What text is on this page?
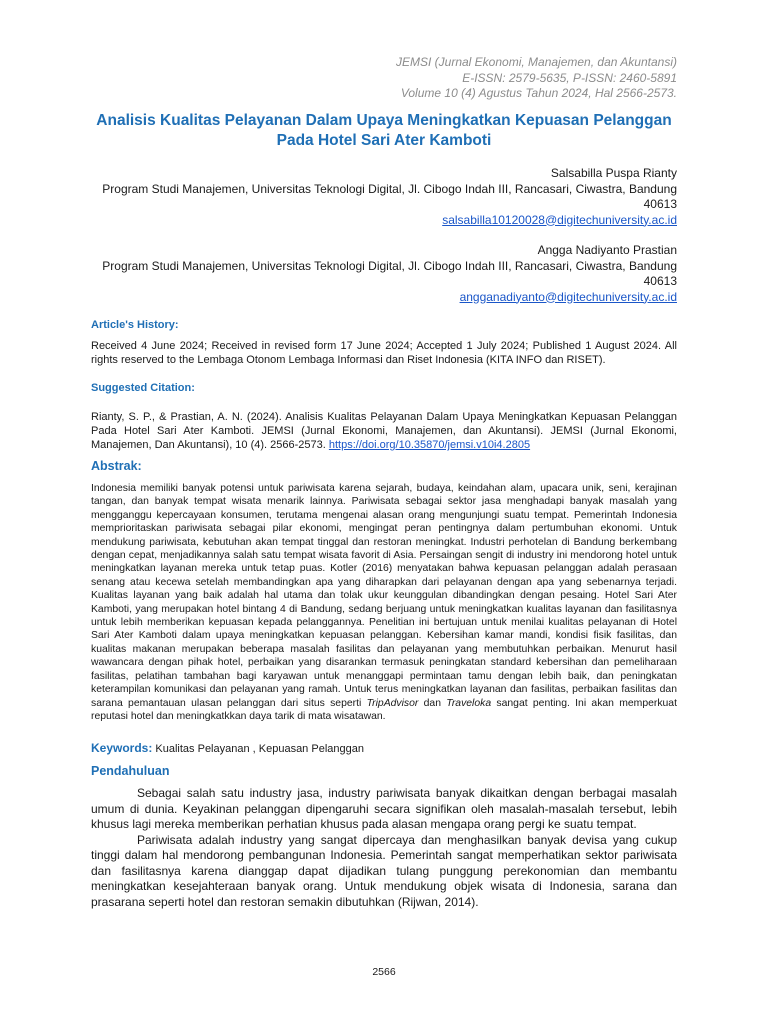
JEMSI (Jurnal Ekonomi, Manajemen, dan Akuntansi)
E-ISSN: 2579-5635, P-ISSN: 2460-5891
Volume 10 (4) Agustus Tahun 2024, Hal 2566-2573.
Analisis Kualitas Pelayanan Dalam Upaya Meningkatkan Kepuasan Pelanggan Pada Hotel Sari Ater Kamboti
Salsabilla Puspa Rianty
Program Studi Manajemen, Universitas Teknologi Digital, Jl. Cibogo Indah III, Rancasari, Ciwastra, Bandung 40613
salsabilla10120028@digitechuniversity.ac.id
Angga Nadiyanto Prastian
Program Studi Manajemen, Universitas Teknologi Digital, Jl. Cibogo Indah III, Rancasari, Ciwastra, Bandung 40613
angganadiyanto@digitechuniversity.ac.id
Article's History:
Received 4 June 2024; Received in revised form 17 June 2024; Accepted 1 July 2024; Published 1 August 2024. All rights reserved to the Lembaga Otonom Lembaga Informasi dan Riset Indonesia (KITA INFO dan RISET).
Suggested Citation:
Rianty, S. P., & Prastian, A. N. (2024). Analisis Kualitas Pelayanan Dalam Upaya Meningkatkan Kepuasan Pelanggan Pada Hotel Sari Ater Kamboti. JEMSI (Jurnal Ekonomi, Manajemen, dan Akuntansi). JEMSI (Jurnal Ekonomi, Manajemen, Dan Akuntansi), 10 (4). 2566-2573. https://doi.org/10.35870/jemsi.v10i4.2805
Abstrak:
Indonesia memiliki banyak potensi untuk pariwisata karena sejarah, budaya, keindahan alam, upacara unik, seni, kerajinan tangan, dan banyak tempat wisata menarik lainnya. Pariwisata sebagai sektor jasa menghadapi banyak masalah yang mengganggu kepercayaan konsumen, terutama mengenai alasan orang mengunjungi suatu tempat. Pemerintah Indonesia memprioritaskan pariwisata sebagai pilar ekonomi, mengingat peran pentingnya dalam pertumbuhan ekonomi. Untuk mendukung pariwisata, kebutuhan akan tempat tinggal dan restoran meningkat. Industri perhotelan di Bandung berkembang dengan cepat, menjadikannya salah satu tempat wisata favorit di Asia. Persaingan sengit di industry ini mendorong hotel untuk meningkatkan layanan mereka untuk tetap puas. Kotler (2016) menyatakan bahwa kepuasan pelanggan adalah perasaan senang atau kecewa setelah membandingkan apa yang diharapkan dari pelayanan dengan apa yang sebenarnya terjadi. Kualitas layanan yang baik adalah hal utama dan tolak ukur keunggulan dibandingkan dengan pesaing. Hotel Sari Ater Kamboti, yang merupakan hotel bintang 4 di Bandung, sedang berjuang untuk meningkatkan kualitas layanan dan fasilitasnya untuk lebih memberikan kepuasan kepada pelanggannya. Penelitian ini bertujuan untuk menilai kualitas pelayanan di Hotel Sari Ater Kamboti dalam upaya meningkatkan kepuasan pelanggan. Kebersihan kamar mandi, kondisi fisik fasilitas, dan kualitas makanan merupakan beberapa masalah fasilitas dan pelayanan yang membutuhkan perbaikan. Menurut hasil wawancara dengan pihak hotel, perbaikan yang disarankan termasuk peningkatan standard kebersihan dan pemeliharaan fasilitas, pelatihan tambahan bagi karyawan untuk menanggapi permintaan tamu dengan lebih baik, dan peningkatan keterampilan komunikasi dan pelayanan yang ramah. Untuk terus meningkatkan layanan dan fasilitas, perbaikan fasilitas dan sarana pemantauan ulasan pelanggan dari situs seperti TripAdvisor dan Traveloka sangat penting. Ini akan memperkuat reputasi hotel dan meningkatkkan daya tarik di mata wisatawan.
Keywords: Kualitas Pelayanan , Kepuasan Pelanggan
Pendahuluan

Sebagai salah satu industry jasa, industry pariwisata banyak dikaitkan dengan berbagai masalah umum di dunia. Keyakinan pelanggan dipengaruhi secara signifikan oleh masalah-masalah tersebut, lebih khusus lagi mereka memberikan perhatian khusus pada alasan mengapa orang pergi ke suatu tempat.

Pariwisata adalah industry yang sangat dipercaya dan menghasilkan banyak devisa yang cukup tinggi dalam hal mendorong pembangunan Indonesia. Pemerintah sangat memperhatikan sektor pariwisata dan fasilitasnya karena dianggap dapat dijadikan tulang punggung perekonomian dan membantu meningkatkan kesejahteraan banyak orang. Untuk mendukung objek wisata di Indonesia, sarana dan prasarana seperti hotel dan restoran semakin dibutuhkan (Rijwan, 2014).

2566
